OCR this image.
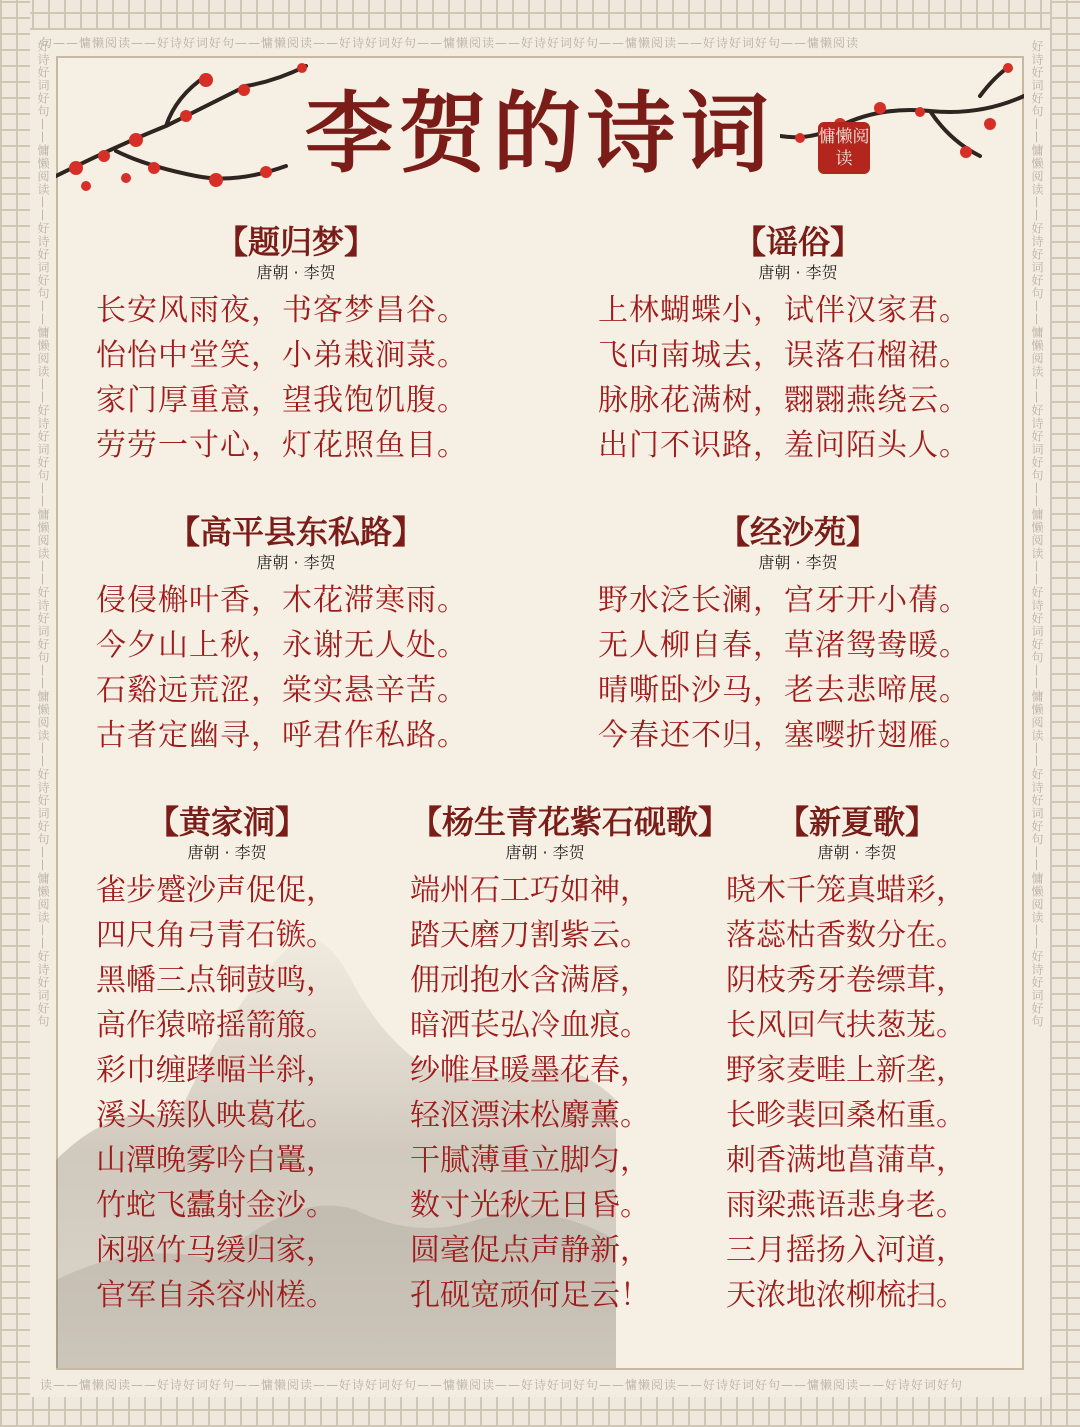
句——慵懒阅读——好诗好词好句——慵懒阅读——好诗好词好句——慵懒阅读——好诗好词好句——慵懒阅读——好诗好词好句——慵懒阅读
读——慵懒阅读——好诗好词好句——慵懒阅读——好诗好词好句——慵懒阅读——好诗好词好句——慵懒阅读——好诗好词好句——慵懒阅读——好诗好词好句
好诗好词好句——慵懒阅读——好诗好词好句——慵懒阅读——好诗好词好句——慵懒阅读——好诗好词好句——慵懒阅读——好诗好词好句——慵懒阅读——好诗好词好句	好诗好词好句——慵懒阅读——好诗好词好句——慵懒阅读——好诗好词好句——慵懒阅读——好诗好词好句——慵懒阅读——好诗好词好句——慵懒阅读——好诗好词好句
李贺的诗词	慵懒阅读
【题归梦】
唐朝 · 李贺
长安风雨夜，书客梦昌谷。
怡怡中堂笑，小弟栽涧菉。
家门厚重意，望我饱饥腹。
劳劳一寸心，灯花照鱼目。
【谣俗】
唐朝 · 李贺
上林蝴蝶小，试伴汉家君。
飞向南城去，误落石榴裙。
脉脉花满树，翾翾燕绕云。
出门不识路，羞问陌头人。
【高平县东私路】
唐朝 · 李贺
侵侵槲叶香，木花滞寒雨。
今夕山上秋，永谢无人处。
石谿远荒涩，棠实悬辛苦。
古者定幽寻，呼君作私路。
【经沙苑】
唐朝 · 李贺
野水泛长澜，宫牙开小蒨。
无人柳自春，草渚鸳鸯暖。
晴嘶卧沙马，老去悲啼展。
今春还不归，塞嘤折翅雁。
【黄家洞】
唐朝 · 李贺
雀步蹙沙声促促，
四尺角弓青石镞。
黑幡三点铜鼓鸣，
高作猿啼摇箭箙。
彩巾缠踍幅半斜，
溪头簇队映葛花。
山潭晚雾吟白鼍，
竹蛇飞蠹射金沙。
闲驱竹马缓归家，
官军自杀容州槎。
【杨生青花紫石砚歌】
唐朝 · 李贺
端州石工巧如神，
踏天磨刀割紫云。
佣刓抱水含满唇，
暗洒苌弘冷血痕。
纱帷昼暖墨花春，
轻沤漂沫松麝薰。
干腻薄重立脚匀，
数寸光秋无日昏。
圆毫促点声静新，
孔砚宽顽何足云！
【新夏歌】
唐朝 · 李贺
晓木千笼真蜡彩，
落蕊枯香数分在。
阴枝秀牙卷缥茸，
长风回气扶葱茏。
野家麦畦上新垄，
长畛裴回桑柘重。
刺香满地菖蒲草，
雨梁燕语悲身老。
三月摇扬入河道，
天浓地浓柳梳扫。
